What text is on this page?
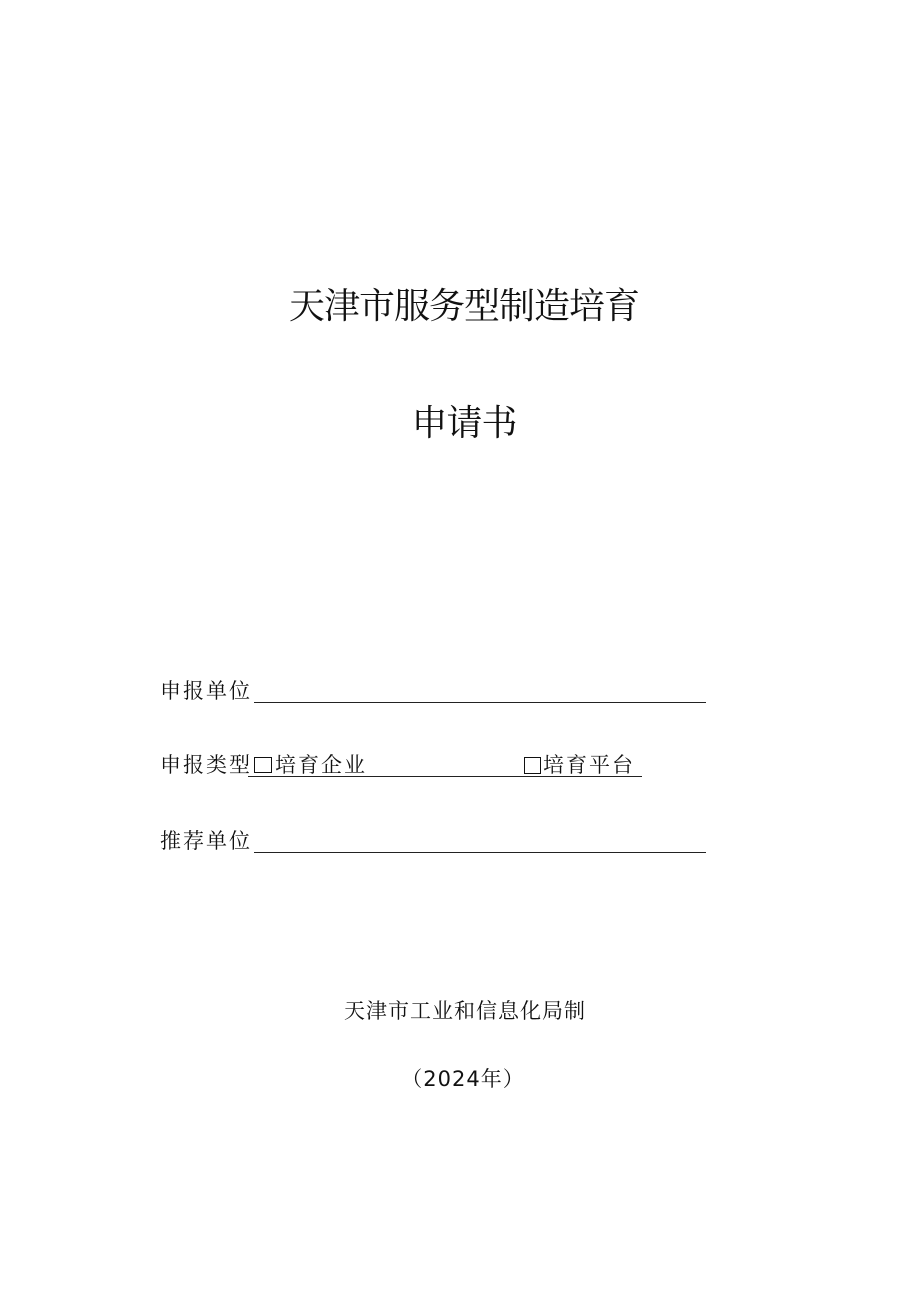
天津市服务型制造培育
申请书
申报单位
申报类型	培育企业	培育平台
推荐单位
天津市工业和信息化局制
（2024年）
